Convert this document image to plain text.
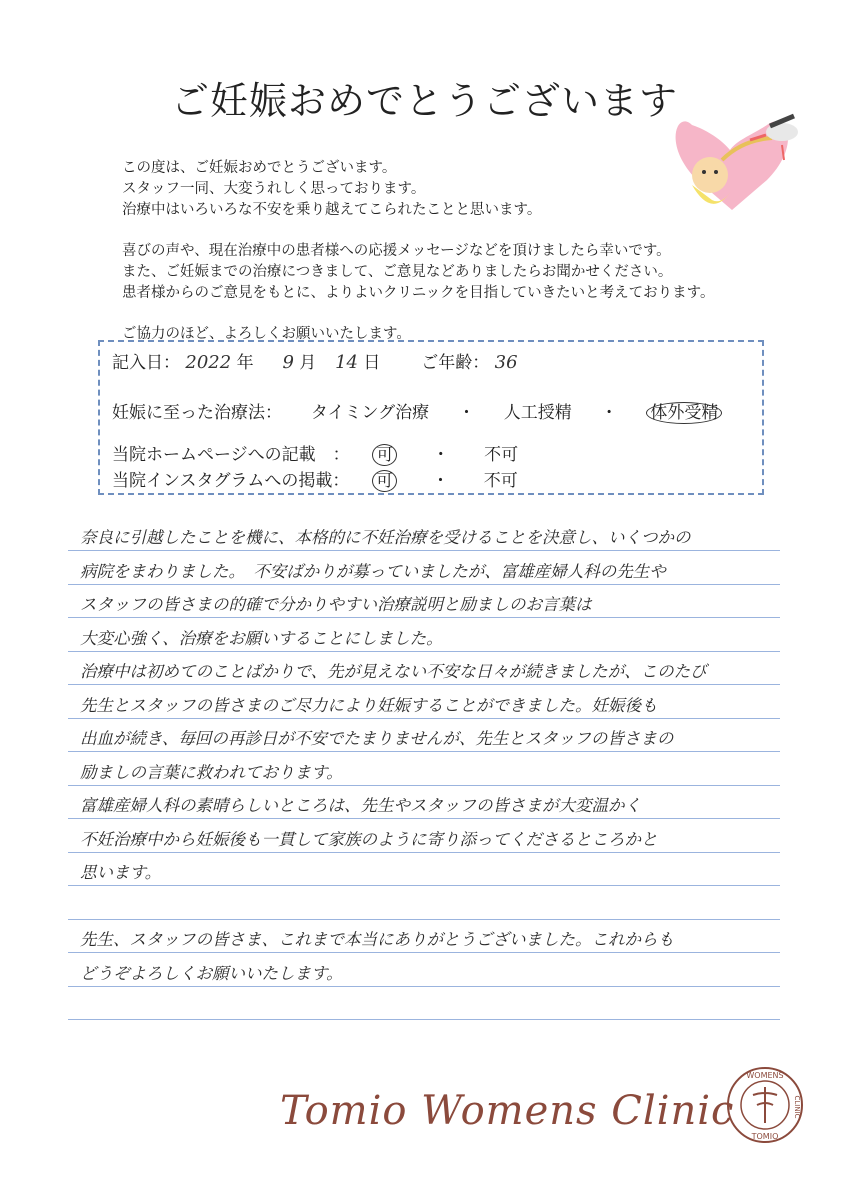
ご妊娠おめでとうございます

この度は、ご妊娠おめでとうございます。

スタッフ一同、大変うれしく思っております。

治療中はいろいろな不安を乗り越えてこられたことと思います。

喜びの声や、現在治療中の患者様への応援メッセージなどを頂けましたら幸いです。

また、ご妊娠までの治療につきまして、ご意見などありましたらお聞かせください。

患者様からのご意見をもとに、よりよいクリニックを目指していきたいと考えております。

ご協力のほど、よろしくお願いいたします。

記入日： 2022 年 9 月 14 日 ご年齢： 36
妊娠に至った治療法： タイミング治療 ・ 人工授精 ・ 体外受精
当院ホームページへの記載　： 可 ・ 不可
当院インスタグラムへの掲載： 可 ・ 不可
奈良に引越したことを機に、本格的に不妊治療を受けることを決意し、いくつかの
病院をまわりました。　不安ばかりが募っていましたが、富雄産婦人科の先生や
スタッフの皆さまの的確で分かりやすい治療説明と励ましのお言葉は
大変心強く、治療をお願いすることにしました。
治療中は初めてのことばかりで、先が見えない不安な日々が続きましたが、このたび
先生とスタッフの皆さまのご尽力により妊娠することができました。妊娠後も
出血が続き、毎回の再診日が不安でたまりませんが、先生とスタッフの皆さまの
励ましの言葉に救われております。
富雄産婦人科の素晴らしいところは、先生やスタッフの皆さまが大変温かく
不妊治療中から妊娠後も一貫して家族のように寄り添ってくださるところかと
思います。
先生、スタッフの皆さま、これまで本当にありがとうございました。これからも
どうぞよろしくお願いいたします。
Tomio Womens Clinic
WOMENS
CLINIC
TOMIO
